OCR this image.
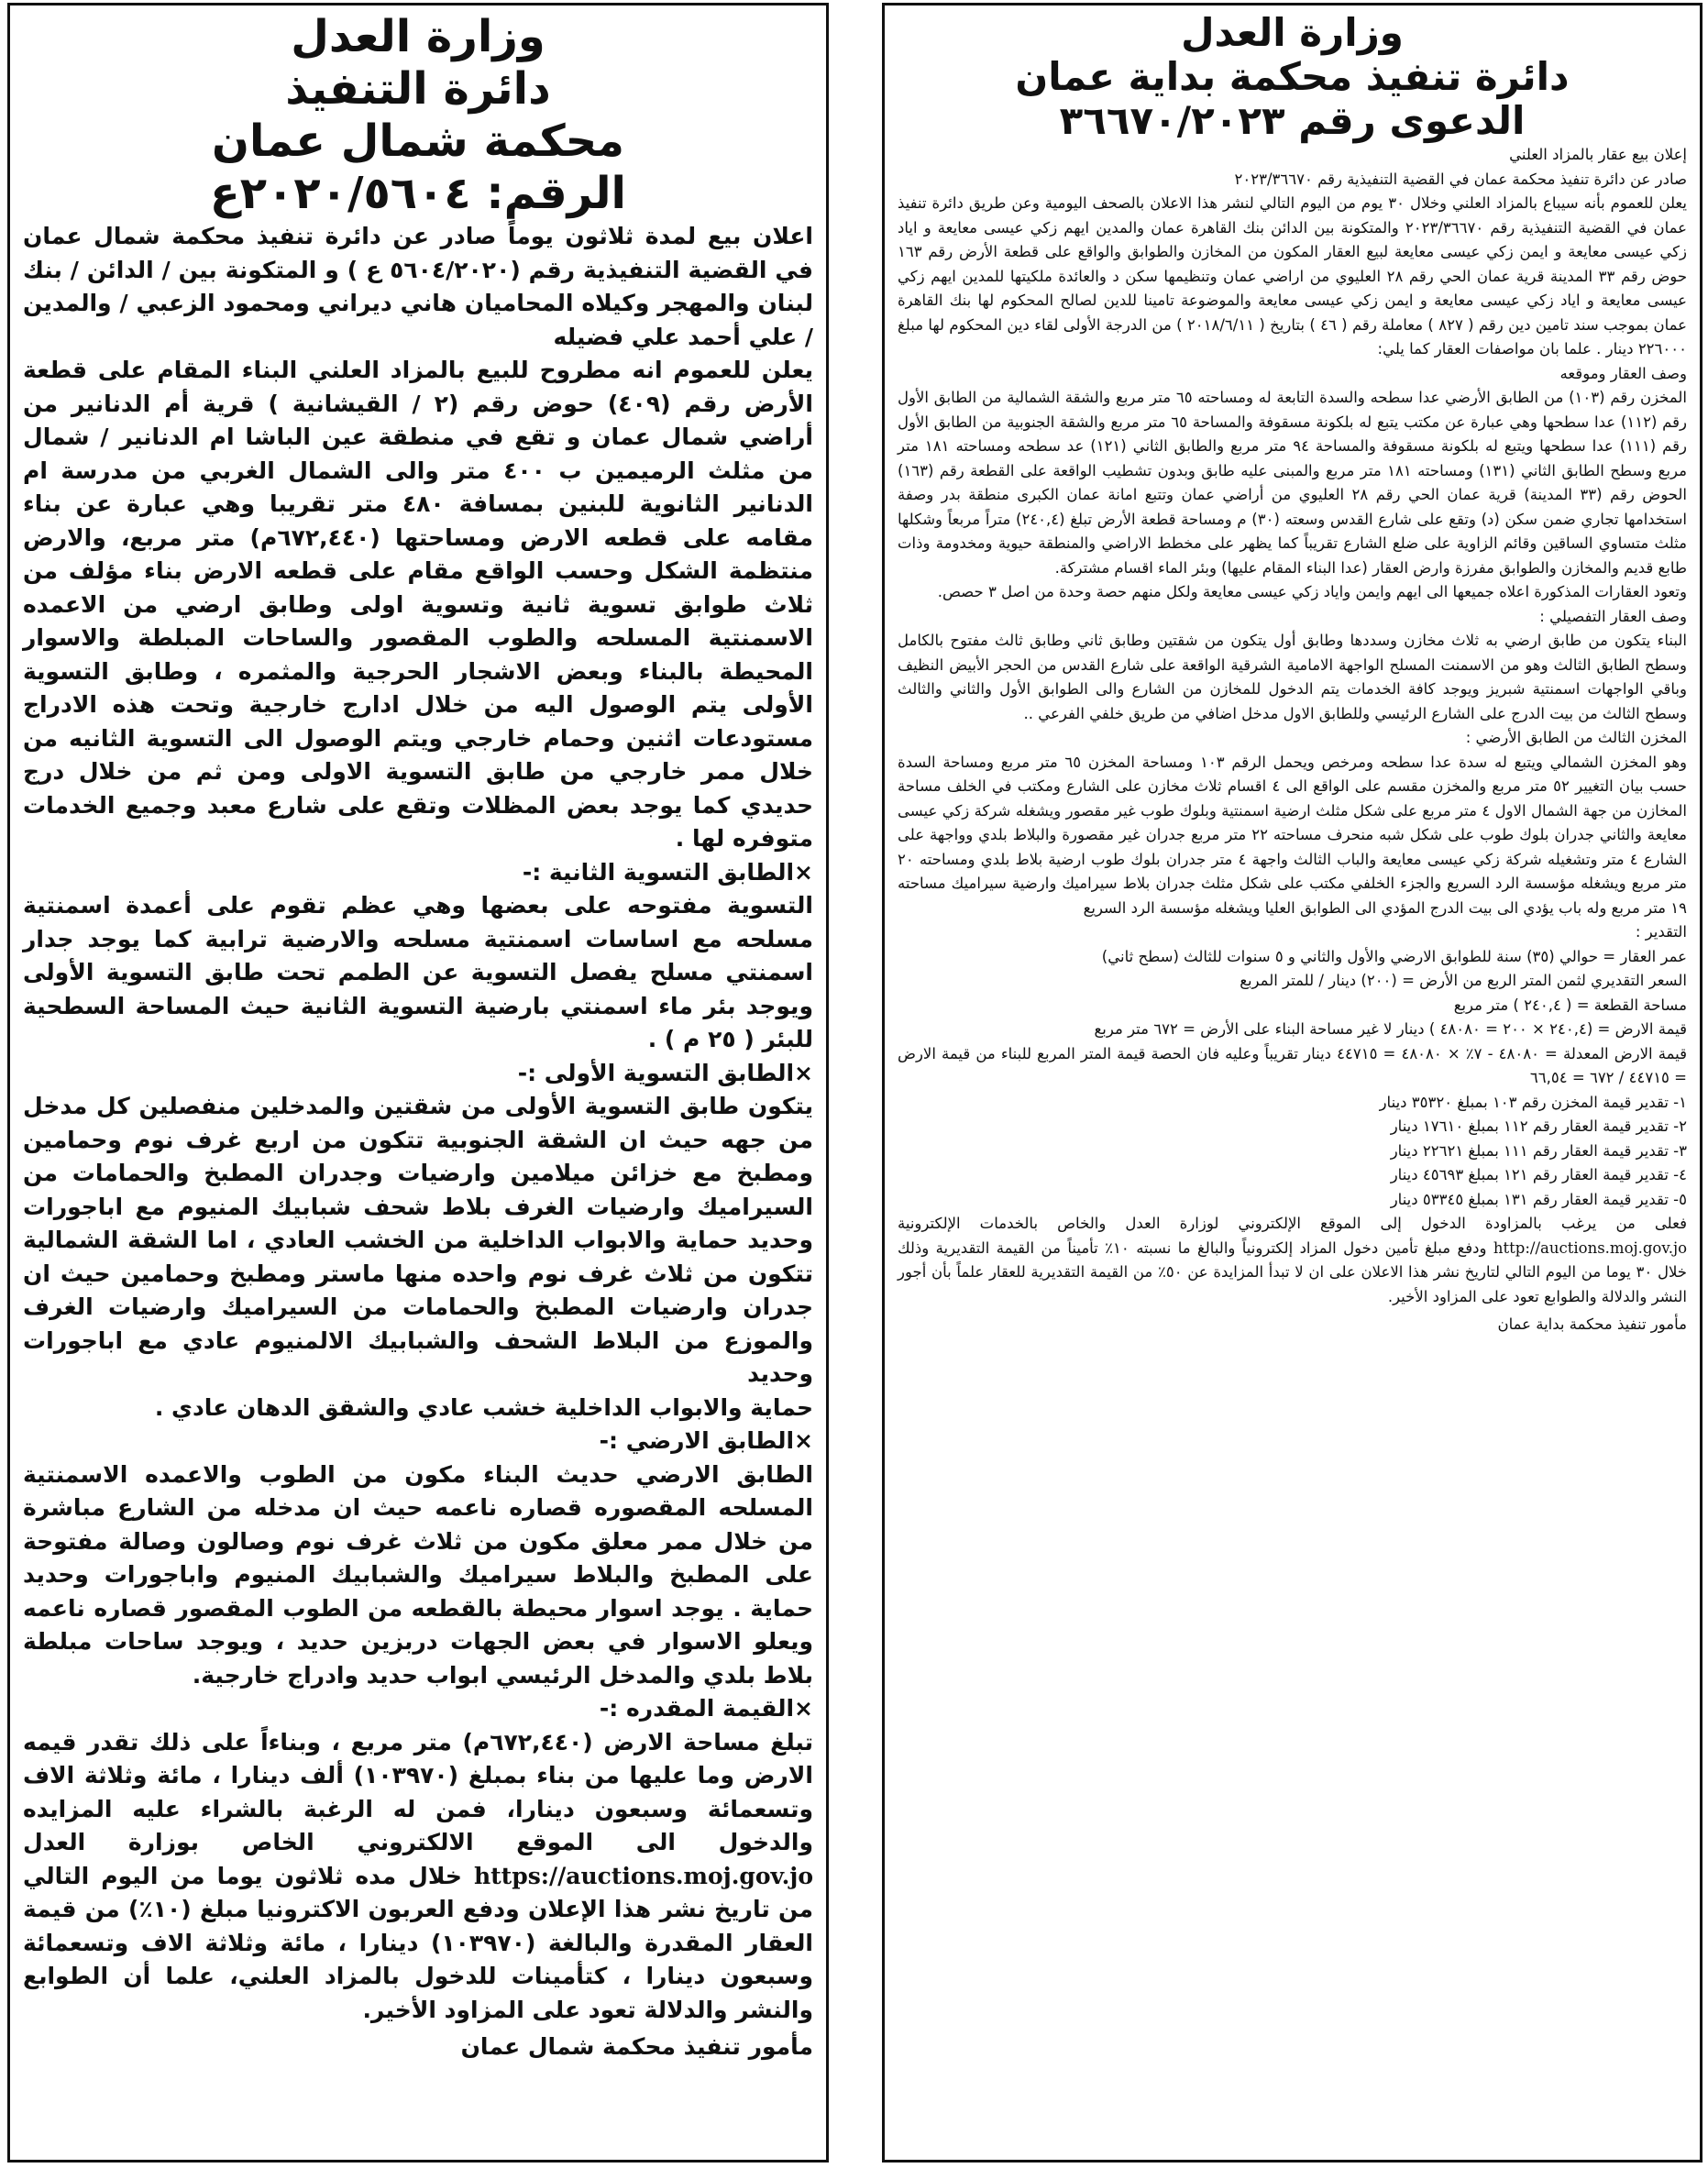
وزارة العدل
دائرة تنفيذ محكمة بداية عمان
الدعوى رقم ٣٦٦٧٠/٢٠٢٣

إعلان بيع عقار بالمزاد العلني

صادر عن دائرة تنفيذ محكمة عمان في القضية التنفيذية رقم ٢٠٢٣/٣٦٦٧٠

يعلن للعموم بأنه سيباع بالمزاد العلني وخلال ٣٠ يوم من اليوم التالي لنشر هذا الاعلان بالصحف اليومية وعن طريق دائرة تنفيذ عمان في القضية التنفيذية رقم ٢٠٢٣/٣٦٦٧٠ والمتكونة بين الدائن بنك القاهرة عمان والمدين ايهم زكي عيسى معايعة و اياد زكي عيسى معايعة و ايمن زكي عيسى معايعة لبيع العقار المكون من المخازن والطوابق والواقع على قطعة الأرض رقم ١٦٣ حوض رقم ٣٣ المدينة قرية عمان الحي رقم ٢٨ العليوي من اراضي عمان وتنظيمها سكن د والعائدة ملكيتها للمدين ايهم زكي عيسى معايعة و اياد زكي عيسى معايعة و ايمن زكي عيسى معايعة والموضوعة تامينا للدين لصالح المحكوم لها بنك القاهرة عمان بموجب سند تامين دين رقم ( ٨٢٧ ) معاملة رقم ( ٤٦ ) بتاريخ ( ٢٠١٨/٦/١١ ) من الدرجة الأولى لقاء دين المحكوم لها مبلغ ٢٢٦٠٠٠ دينار . علما بان مواصفات العقار كما يلي:

وصف العقار وموقعه

المخزن رقم (١٠٣) من الطابق الأرضي عدا سطحه والسدة التابعة له ومساحته ٦٥ متر مربع والشقة الشمالية من الطابق الأول رقم (١١٢) عدا سطحها وهي عبارة عن مكتب يتبع له بلكونة مسقوفة والمساحة ٦٥ متر مربع والشقة الجنوبية من الطابق الأول رقم (١١١) عدا سطحها ويتبع له بلكونة مسقوفة والمساحة ٩٤ متر مربع والطابق الثاني (١٢١) عد سطحه ومساحته ١٨١ متر مربع وسطح الطابق الثاني (١٣١) ومساحته ١٨١ متر مربع والمبنى عليه طابق وبدون تشطيب الواقعة على القطعة رقم (١٦٣) الحوض رقم (٣٣ المدينة) قرية عمان الحي رقم ٢٨ العليوي من أراضي عمان وتتبع امانة عمان الكبرى منطقة بدر وصفة استخدامها تجاري ضمن سكن (د) وتقع على شارع القدس وسعته (٣٠) م ومساحة قطعة الأرض تبلغ (٢٤٠,٤) متراً مربعاً وشكلها مثلث متساوي الساقين وقائم الزاوية على ضلع الشارع تقريباً كما يظهر على مخطط الاراضي والمنطقة حيوية ومخدومة وذات طابع قديم والمخازن والطوابق مفرزة وارض العقار (عدا البناء المقام عليها) وبئر الماء اقسام مشتركة.

وتعود العقارات المذكورة اعلاه جميعها الى ايهم وايمن واياد زكي عيسى معايعة ولكل منهم حصة وحدة من اصل ٣ حصص.

وصف العقار التفصيلي :

البناء يتكون من طابق ارضي به ثلاث مخازن وسددها وطابق أول يتكون من شقتين وطابق ثاني وطابق ثالث مفتوح بالكامل وسطح الطابق الثالث وهو من الاسمنت المسلح الواجهة الامامية الشرقية الواقعة على شارع القدس من الحجر الأبيض النظيف وباقي الواجهات اسمنتية شبريز ويوجد كافة الخدمات يتم الدخول للمخازن من الشارع والى الطوابق الأول والثاني والثالث وسطح الثالث من بيت الدرج على الشارع الرئيسي وللطابق الاول مدخل اضافي من طريق خلفي الفرعي ..

المخزن الثالث من الطابق الأرضي :

وهو المخزن الشمالي ويتبع له سدة عدا سطحه ومرخص ويحمل الرقم ١٠٣ ومساحة المخزن ٦٥ متر مربع ومساحة السدة حسب بيان التغيير ٥٢ متر مربع والمخزن مقسم على الواقع الى ٤ اقسام ثلاث مخازن على الشارع ومكتب في الخلف مساحة المخازن من جهة الشمال الاول ٤ متر مربع على شكل مثلث ارضية اسمنتية وبلوك طوب غير مقصور ويشغله شركة زكي عيسى معايعة والثاني جدران بلوك طوب على شكل شبه منحرف مساحته ٢٢ متر مربع جدران غير مقصورة والبلاط بلدي وواجهة على الشارع ٤ متر وتشغيله شركة زكي عيسى معايعة والباب الثالث واجهة ٤ متر جدران بلوك طوب ارضية بلاط بلدي ومساحته ٢٠ متر مربع ويشغله مؤسسة الرد السريع والجزء الخلفي مكتب على شكل مثلث جدران بلاط سيراميك وارضية سيراميك مساحته ١٩ متر مربع وله باب يؤدي الى بيت الدرج المؤدي الى الطوابق العليا ويشغله مؤسسة الرد السريع

التقدير :

عمر العقار = حوالي (٣٥) سنة للطوابق الارضي والأول والثاني و ٥ سنوات للثالث (سطح ثاني)

السعر التقديري لثمن المتر الربع من الأرض = (٢٠٠) دينار / للمتر المربع

مساحة القطعة = ( ٢٤٠,٤ ) متر مربع

قيمة الارض = (٢٤٠,٤ × ٢٠٠ = ٤٨٠٨٠ ) دينار لا غير مساحة البناء على الأرض = ٦٧٢ متر مربع

قيمة الارض المعدلة = ٤٨٠٨٠ - ٧٪ × ٤٨٠٨٠ = ٤٤٧١٥ دينار تقريباً وعليه فان الحصة قيمة المتر المربع للبناء من قيمة الارض = ٤٤٧١٥ / ٦٧٢ = ٦٦,٥٤

١- تقدير قيمة المخزن رقم ١٠٣ بمبلغ ٣٥٣٢٠ دينار

٢- تقدير قيمة العقار رقم ١١٢ بمبلغ ١٧٦١٠ دينار

٣- تقدير قيمة العقار رقم ١١١ بمبلغ ٢٢٦٢١ دينار

٤- تقدير قيمة العقار رقم ١٢١ بمبلغ ٤٥٦٩٣ دينار

٥- تقدير قيمة العقار رقم ١٣١ بمبلغ ٥٣٣٤٥ دينار

فعلى من يرغب بالمزاودة الدخول إلى الموقع الإلكتروني لوزارة العدل والخاص بالخدمات الإلكترونية http://auctions.moj.gov.jo ودفع مبلغ تأمين دخول المزاد إلكترونياً والبالغ ما نسبته ١٠٪ تأميناً من القيمة التقديرية وذلك خلال ٣٠ يوما من اليوم التالي لتاريخ نشر هذا الاعلان على ان لا تبدأ المزايدة عن ٥٠٪ من القيمة التقديرية للعقار علماً بأن أجور النشر والدلالة والطوابع تعود على المزاود الأخير.

مأمور تنفيذ محكمة بداية عمان

وزارة العدل
دائرة التنفيذ
محكمة شمال عمان
الرقم: ٢٠٢٠/٥٦٠٤ع

اعلان بيع لمدة ثلاثون يوماً صادر عن دائرة تنفيذ محكمة شمال عمان في القضية التنفيذية رقم (٥٦٠٤/٢٠٢٠ ع ) و المتكونة بين / الدائن / بنك لبنان والمهجر وكيلاه المحاميان هاني ديراني ومحمود الزعبي / والمدين / علي أحمد علي فضيله

يعلن للعموم انه مطروح للبيع بالمزاد العلني البناء المقام على قطعة الأرض رقم (٤٠٩) حوض رقم (٢ / القيشانية ) قرية أم الدنانير من أراضي شمال عمان و تقع في منطقة عين الباشا ام الدنانير / شمال من مثلث الرميمين ب ٤٠٠ متر والى الشمال الغربي من مدرسة ام الدنانير الثانوية للبنين بمسافة ٤٨٠ متر تقريبا وهي عبارة عن بناء مقامه على قطعه الارض ومساحتها (٦٧٢,٤٤٠م) متر مربع، والارض منتظمة الشكل وحسب الواقع مقام على قطعه الارض بناء مؤلف من ثلاث طوابق تسوية ثانية وتسوية اولى وطابق ارضي من الاعمده الاسمنتية المسلحه والطوب المقصور والساحات المبلطة والاسوار المحيطة بالبناء وبعض الاشجار الحرجية والمثمره ، وطابق التسوية الأولى يتم الوصول اليه من خلال ادارج خارجية وتحت هذه الادراج مستودعات اثنين وحمام خارجي ويتم الوصول الى التسوية الثانيه من خلال ممر خارجي من طابق التسوية الاولى ومن ثم من خلال درج حديدي كما يوجد بعض المظلات وتقع على شارع معبد وجميع الخدمات متوفره لها .

×الطابق التسوية الثانية :-

التسوية مفتوحه على بعضها وهي عظم تقوم على أعمدة اسمنتية مسلحه مع اساسات اسمنتية مسلحه والارضية ترابية كما يوجد جدار اسمنتي مسلح يفصل التسوية عن الطمم تحت طابق التسوية الأولى ويوجد بئر ماء اسمنتي بارضية التسوية الثانية حيث المساحة السطحية للبئر ( ٢٥ م ) .

×الطابق التسوية الأولى :-

يتكون طابق التسوية الأولى من شقتين والمدخلين منفصلين كل مدخل من جهه حيث ان الشقة الجنوبية تتكون من اربع غرف نوم وحمامين ومطبخ مع خزائن ميلامين وارضيات وجدران المطبخ والحمامات من السيراميك وارضيات الغرف بلاط شحف شبابيك المنيوم مع اباجورات وحديد حماية والابواب الداخلية من الخشب العادي ، اما الشقة الشمالية تتكون من ثلاث غرف نوم واحده منها ماستر ومطبخ وحمامين حيث ان جدران وارضيات المطبخ والحمامات من السيراميك وارضيات الغرف والموزع من البلاط الشحف والشبابيك الالمنيوم عادي مع اباجورات وحديد

حماية والابواب الداخلية خشب عادي والشقق الدهان عادي .

×الطابق الارضي :-

الطابق الارضي حديث البناء مكون من الطوب والاعمده الاسمنتية المسلحه المقصوره قصاره ناعمه حيث ان مدخله من الشارع مباشرة من خلال ممر معلق مكون من ثلاث غرف نوم وصالون وصالة مفتوحة على المطبخ والبلاط سيراميك والشبابيك المنيوم واباجورات وحديد حماية . يوجد اسوار محيطة بالقطعه من الطوب المقصور قصاره ناعمه ويعلو الاسوار في بعض الجهات دربزين حديد ، ويوجد ساحات مبلطة بلاط بلدي والمدخل الرئيسي ابواب حديد وادراج خارجية.

×القيمة المقدره :-

تبلغ مساحة الارض (٦٧٢,٤٤٠م) متر مربع ، وبناءاً على ذلك تقدر قيمه الارض وما عليها من بناء بمبلغ (١٠٣٩٧٠) ألف دينارا ، مائة وثلاثة الاف وتسعمائة وسبعون دينارا، فمن له الرغبة بالشراء عليه المزايده والدخول الى الموقع الالكتروني الخاص بوزارة العدل https://auctions.moj.gov.jo خلال مده ثلاثون يوما من اليوم التالي من تاريخ نشر هذا الإعلان ودفع العربون الاكترونيا مبلغ (١٠٪) من قيمة العقار المقدرة والبالغة (١٠٣٩٧٠) دينارا ، مائة وثلاثة الاف وتسعمائة وسبعون دينارا ، كتأمينات للدخول بالمزاد العلني، علما أن الطوابع والنشر والدلالة تعود على المزاود الأخير.

مأمور تنفيذ محكمة شمال عمان
